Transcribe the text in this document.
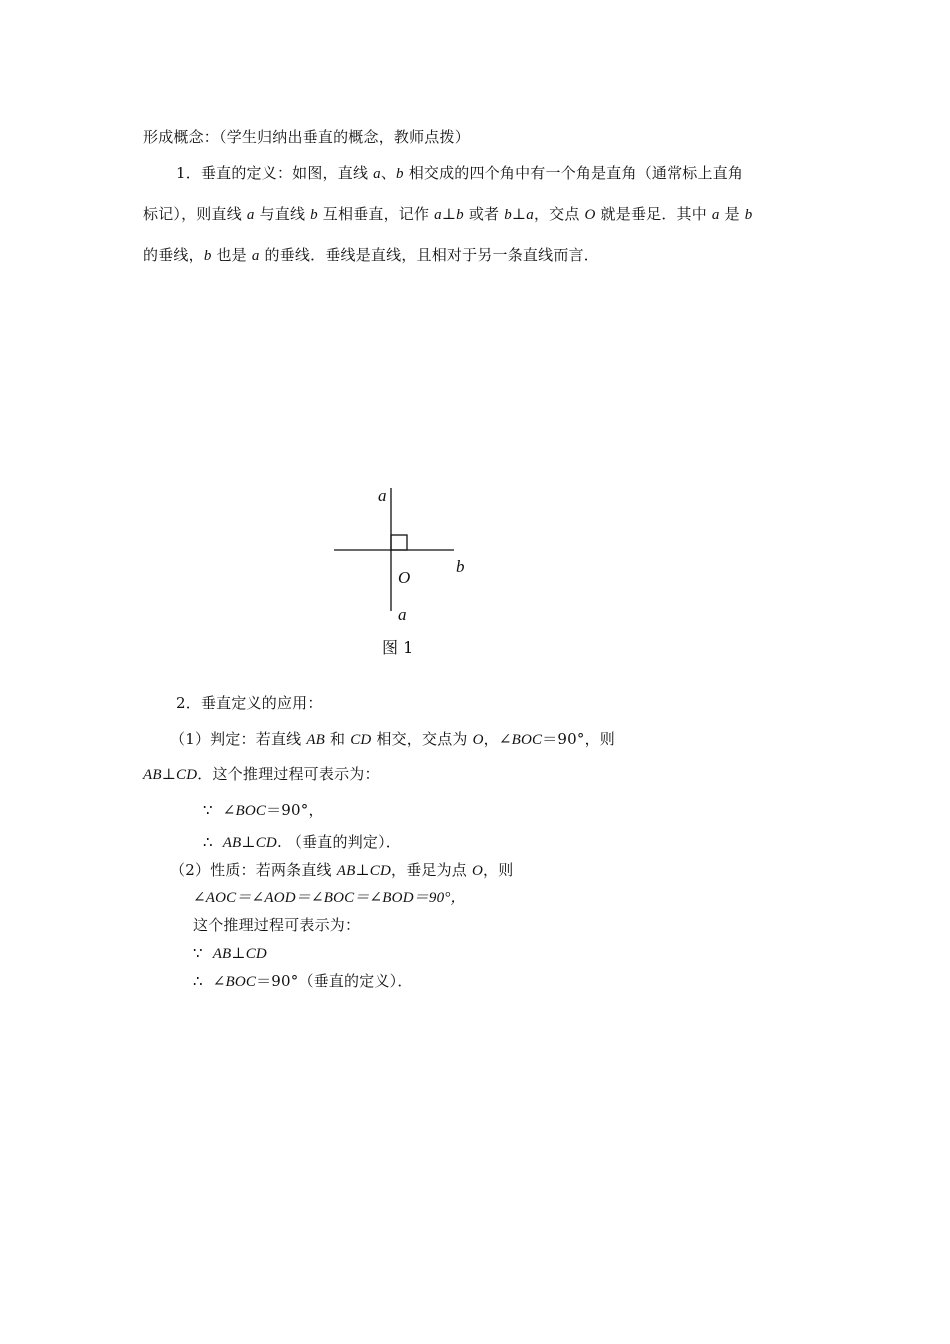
形成概念：（学生归纳出垂直的概念，教师点拨）
1．垂直的定义：如图，直线 a、b 相交成的四个角中有一个角是直角（通常标上直角
标记），则直线 a 与直线 b 互相垂直，记作 a⊥b 或者 b⊥a，交点 O 就是垂足．其中 a 是 b
的垂线，b 也是 a 的垂线．垂线是直线，且相对于另一条直线而言．
a
b
O
a
图 1
2．垂直定义的应用：
（1）判定：若直线 AB 和 CD 相交，交点为 O，∠BOC＝90°，则
AB⊥CD．这个推理过程可表示为：
∵ ∠BOC＝90°，
∴ AB⊥CD. （垂直的判定）．
（2）性质：若两条直线 AB⊥CD，垂足为点 O，则
∠AOC＝∠AOD＝∠BOC＝∠BOD＝90°，
这个推理过程可表示为：
∵ AB⊥CD
∴ ∠BOC＝90°（垂直的定义）．
